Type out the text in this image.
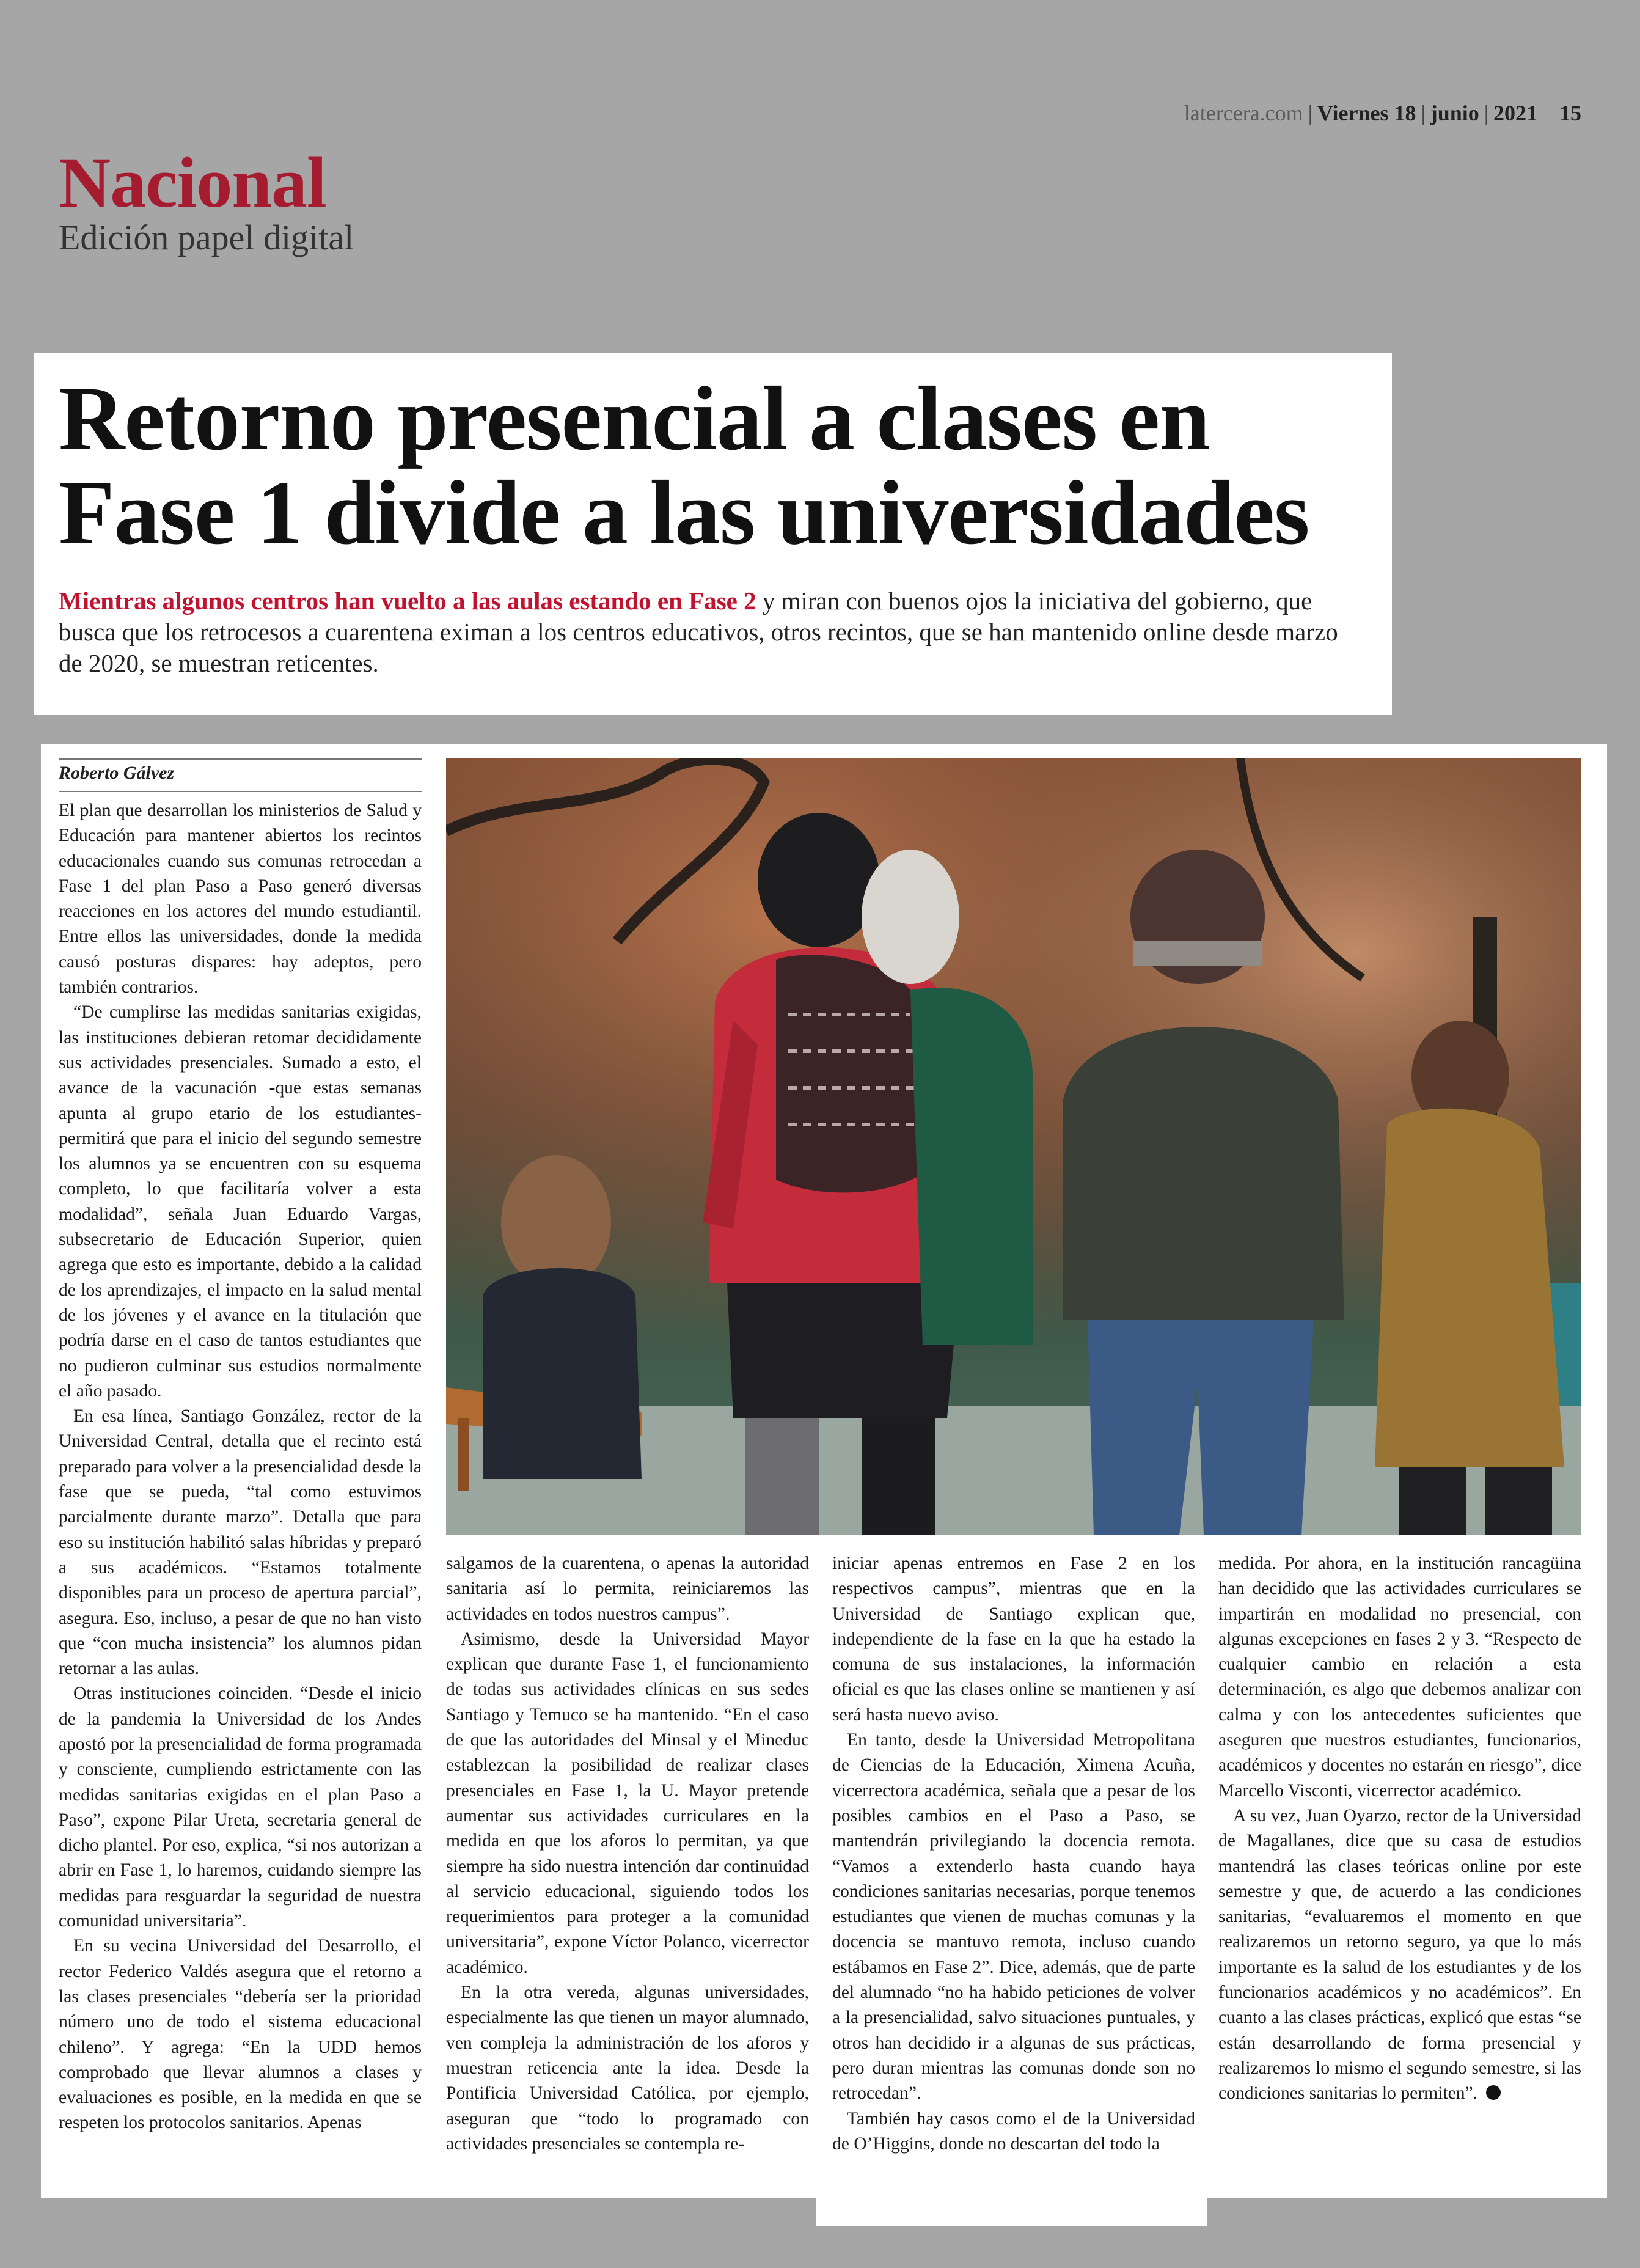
latercera.com | Viernes 18 | junio | 2021 15
Nacional
Edición papel digital
Retorno presencial a clases en
Fase 1 divide a las universidades

Mientras algunos centros han vuelto a las aulas estando en Fase 2 y miran con buenos ojos la iniciativa del gobierno, que busca que los retrocesos a cuarentena eximan a los centros educativos, otros recintos, que se han mantenido online desde marzo de 2020, se muestran reticentes.

Roberto Gálvez

El plan que desarrollan los ministerios de Salud y Educación para mantener abiertos los recintos educacionales cuando sus comunas retrocedan a Fase 1 del plan Paso a Paso generó diversas reacciones en los actores del mundo estudiantil. Entre ellos las universidades, donde la medida causó posturas dispares: hay adeptos, pero también contrarios.

“De cumplirse las medidas sanitarias exigidas, las instituciones debieran retomar decididamente sus actividades presenciales. Sumado a esto, el avance de la vacunación -que estas semanas apunta al grupo etario de los estudiantes- permitirá que para el inicio del segundo semestre los alumnos ya se encuentren con su esquema completo, lo que facilitaría volver a esta modalidad”, señala Juan Eduardo Vargas, subsecretario de Educación Superior, quien agrega que esto es importante, debido a la calidad de los aprendizajes, el impacto en la salud mental de los jóvenes y el avance en la titulación que podría darse en el caso de tantos estudiantes que no pudieron culminar sus estudios normalmente el año pasado.

En esa línea, Santiago González, rector de la Universidad Central, detalla que el recinto está preparado para volver a la presencialidad desde la fase que se pueda, “tal como estuvimos parcialmente durante marzo”. Detalla que para eso su institución habilitó salas híbridas y preparó a sus académicos. “Estamos totalmente disponibles para un proceso de apertura parcial”, asegura. Eso, incluso, a pesar de que no han visto que “con mucha insistencia” los alumnos pidan retornar a las aulas.

Otras instituciones coinciden. “Desde el inicio de la pandemia la Universidad de los Andes apostó por la presencialidad de forma programada y consciente, cumpliendo estrictamente con las medidas sanitarias exigidas en el plan Paso a Paso”, expone Pilar Ureta, secretaria general de dicho plantel. Por eso, explica, “si nos autorizan a abrir en Fase 1, lo haremos, cuidando siempre las medidas para resguardar la seguridad de nuestra comunidad universitaria”.

En su vecina Universidad del Desarrollo, el rector Federico Valdés asegura que el retorno a las clases presenciales “debería ser la prioridad número uno de todo el sistema educacional chileno”. Y agrega: “En la UDD hemos comprobado que llevar alumnos a clases y evaluaciones es posible, en la medida en que se respeten los protocolos sanitarios. Apenas

salgamos de la cuarentena, o apenas la autoridad sanitaria así lo permita, reiniciaremos las actividades en todos nuestros campus”.

Asimismo, desde la Universidad Mayor explican que durante Fase 1, el funcionamiento de todas sus actividades clínicas en sus sedes Santiago y Temuco se ha mantenido. “En el caso de que las autoridades del Minsal y el Mineduc establezcan la posibilidad de realizar clases presenciales en Fase 1, la U. Mayor pretende aumentar sus actividades curriculares en la medida en que los aforos lo permitan, ya que siempre ha sido nuestra intención dar continuidad al servicio educacional, siguiendo todos los requerimientos para proteger a la comunidad universitaria”, expone Víctor Polanco, vicerrector académico.

En la otra vereda, algunas universidades, especialmente las que tienen un mayor alumnado, ven compleja la administración de los aforos y muestran reticencia ante la idea. Desde la Pontificia Universidad Católica, por ejemplo, aseguran que “todo lo programado con actividades presenciales se contempla re-

iniciar apenas entremos en Fase 2 en los respectivos campus”, mientras que en la Universidad de Santiago explican que, independiente de la fase en la que ha estado la comuna de sus instalaciones, la información oficial es que las clases online se mantienen y así será hasta nuevo aviso.

En tanto, desde la Universidad Metropolitana de Ciencias de la Educación, Ximena Acuña, vicerrectora académica, señala que a pesar de los posibles cambios en el Paso a Paso, se mantendrán privilegiando la docencia remota. “Vamos a extenderlo hasta cuando haya condiciones sanitarias necesarias, porque tenemos estudiantes que vienen de muchas comunas y la docencia se mantuvo remota, incluso cuando estábamos en Fase 2”. Dice, además, que de parte del alumnado “no ha habido peticiones de volver a la presencialidad, salvo situaciones puntuales, y otros han decidido ir a algunas de sus prácticas, pero duran mientras las comunas donde son no retrocedan”.

También hay casos como el de la Universidad de O’Higgins, donde no descartan del todo la

medida. Por ahora, en la institución rancagüina han decidido que las actividades curriculares se impartirán en modalidad no presencial, con algunas excepciones en fases 2 y 3. “Respecto de cualquier cambio en relación a esta determinación, es algo que debemos analizar con calma y con los antecedentes suficientes que aseguren que nuestros estudiantes, funcionarios, académicos y docentes no estarán en riesgo”, dice Marcello Visconti, vicerrector académico.

A su vez, Juan Oyarzo, rector de la Universidad de Magallanes, dice que su casa de estudios mantendrá las clases teóricas online por este semestre y que, de acuerdo a las condiciones sanitarias, “evaluaremos el momento en que realizaremos un retorno seguro, ya que lo más importante es la salud de los estudiantes y de los funcionarios académicos y no académicos”. En cuanto a las clases prácticas, explicó que estas “se están desarrollando de forma presencial y realizaremos lo mismo el segundo semestre, si las condiciones sanitarias lo permiten”.
